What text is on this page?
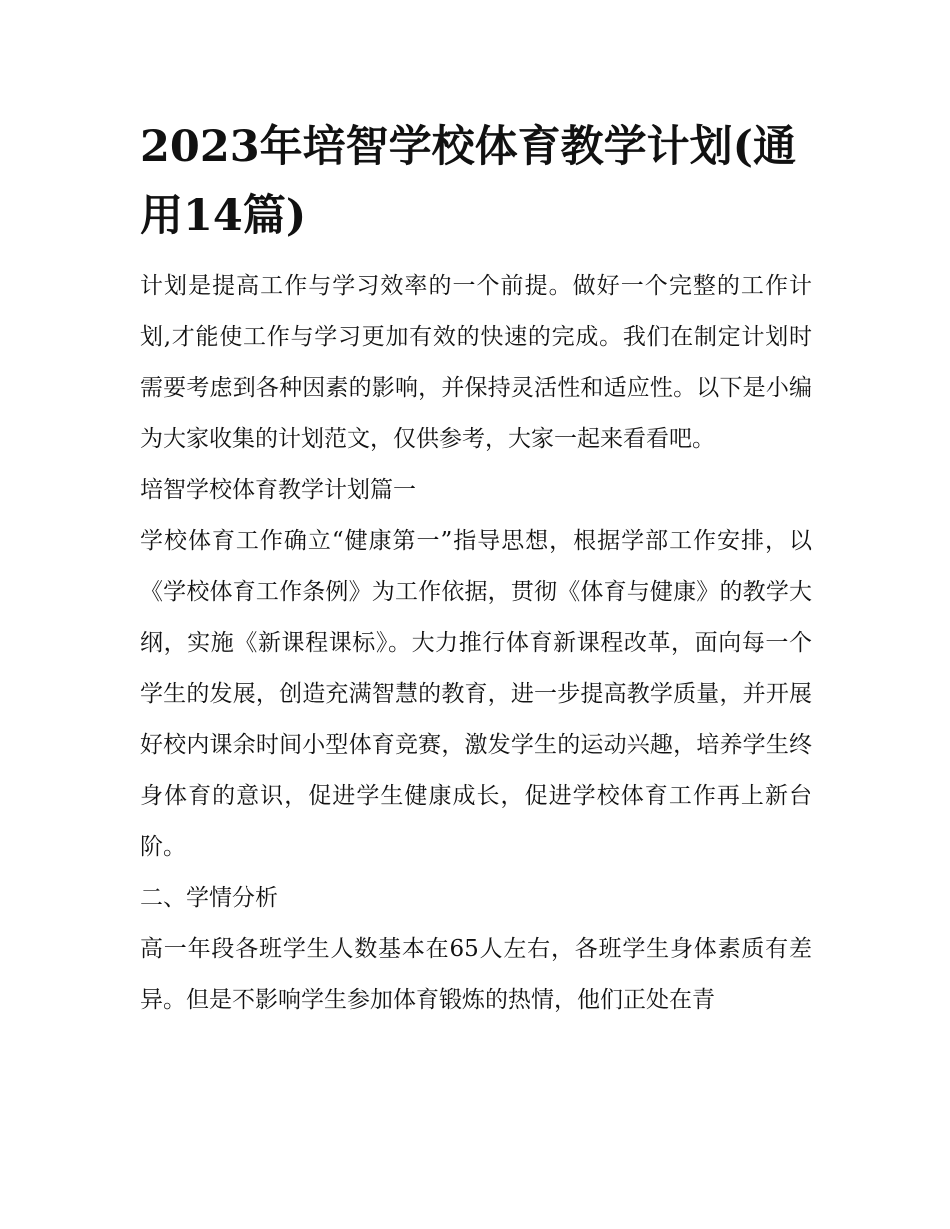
2023年培智学校体育教学计划(通用14篇)

计划是提高工作与学习效率的一个前提。做好一个完整的工作计划,才能使工作与学习更加有效的快速的完成。我们在制定计划时需要考虑到各种因素的影响，并保持灵活性和适应性。以下是小编为大家收集的计划范文，仅供参考，大家一起来看看吧。

培智学校体育教学计划篇一

学校体育工作确立“健康第一”指导思想，根据学部工作安排，以《学校体育工作条例》为工作依据，贯彻《体育与健康》的教学大纲，实施《新课程课标》。大力推行体育新课程改革，面向每一个学生的发展，创造充满智慧的教育，进一步提高教学质量，并开展好校内课余时间小型体育竞赛，激发学生的运动兴趣，培养学生终身体育的意识，促进学生健康成长，促进学校体育工作再上新台阶。

二、学情分析

高一年段各班学生人数基本在65人左右，各班学生身体素质有差异。但是不影响学生参加体育锻炼的热情，他们正处在青
